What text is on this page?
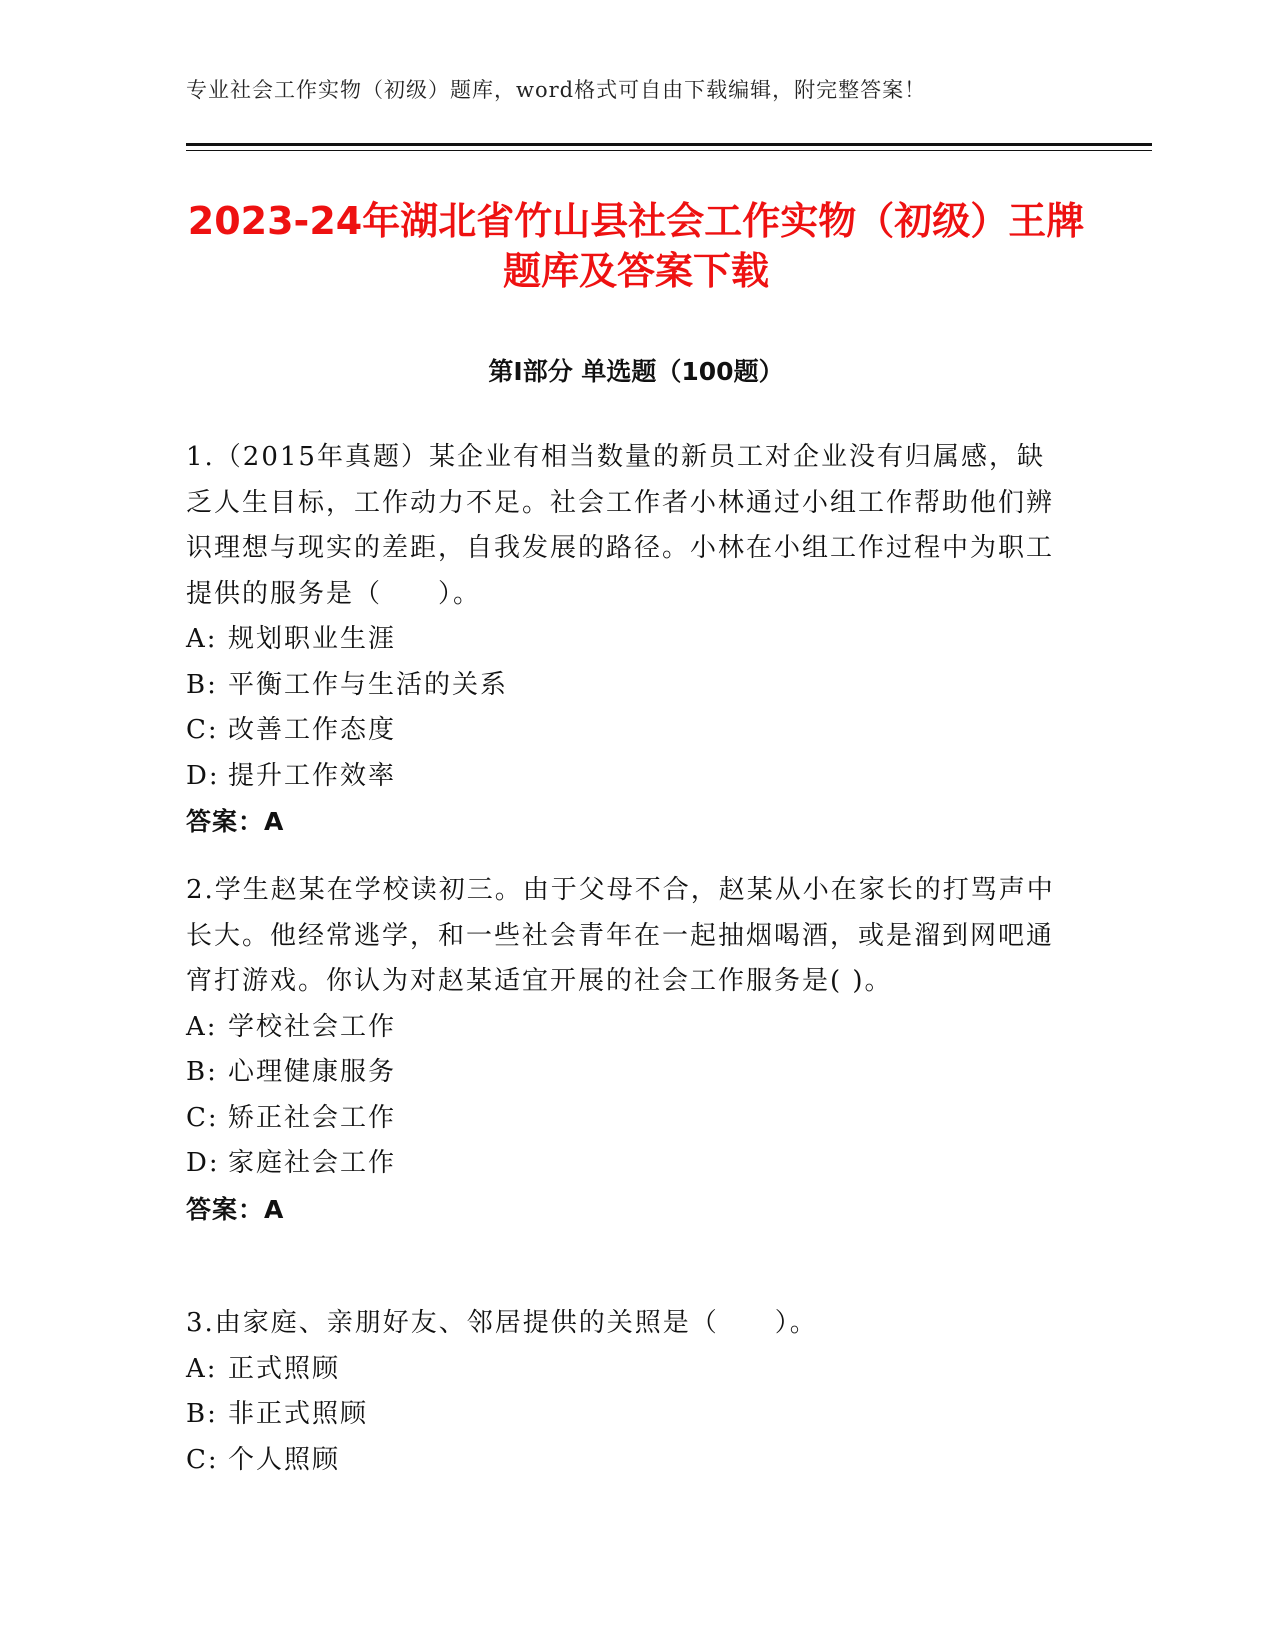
专业社会工作实物（初级）题库，word格式可自由下载编辑，附完整答案！
2023-24年湖北省竹山县社会工作实物（初级）王牌题库及答案下载
第I部分 单选题（100题）

1.（2015年真题）某企业有相当数量的新员工对企业没有归属感，缺乏人生目标，工作动力不足。社会工作者小林通过小组工作帮助他们辨识理想与现实的差距，自我发展的路径。小林在小组工作过程中为职工提供的服务是（　　）。

A: 规划职业生涯
B: 平衡工作与生活的关系
C: 改善工作态度
D: 提升工作效率
答案：A

2.学生赵某在学校读初三。由于父母不合，赵某从小在家长的打骂声中长大。他经常逃学，和一些社会青年在一起抽烟喝酒，或是溜到网吧通宵打游戏。你认为对赵某适宜开展的社会工作服务是( )。

A: 学校社会工作
B: 心理健康服务
C: 矫正社会工作
D: 家庭社会工作
答案：A

3.由家庭、亲朋好友、邻居提供的关照是（　　）。

A: 正式照顾
B: 非正式照顾
C: 个人照顾
